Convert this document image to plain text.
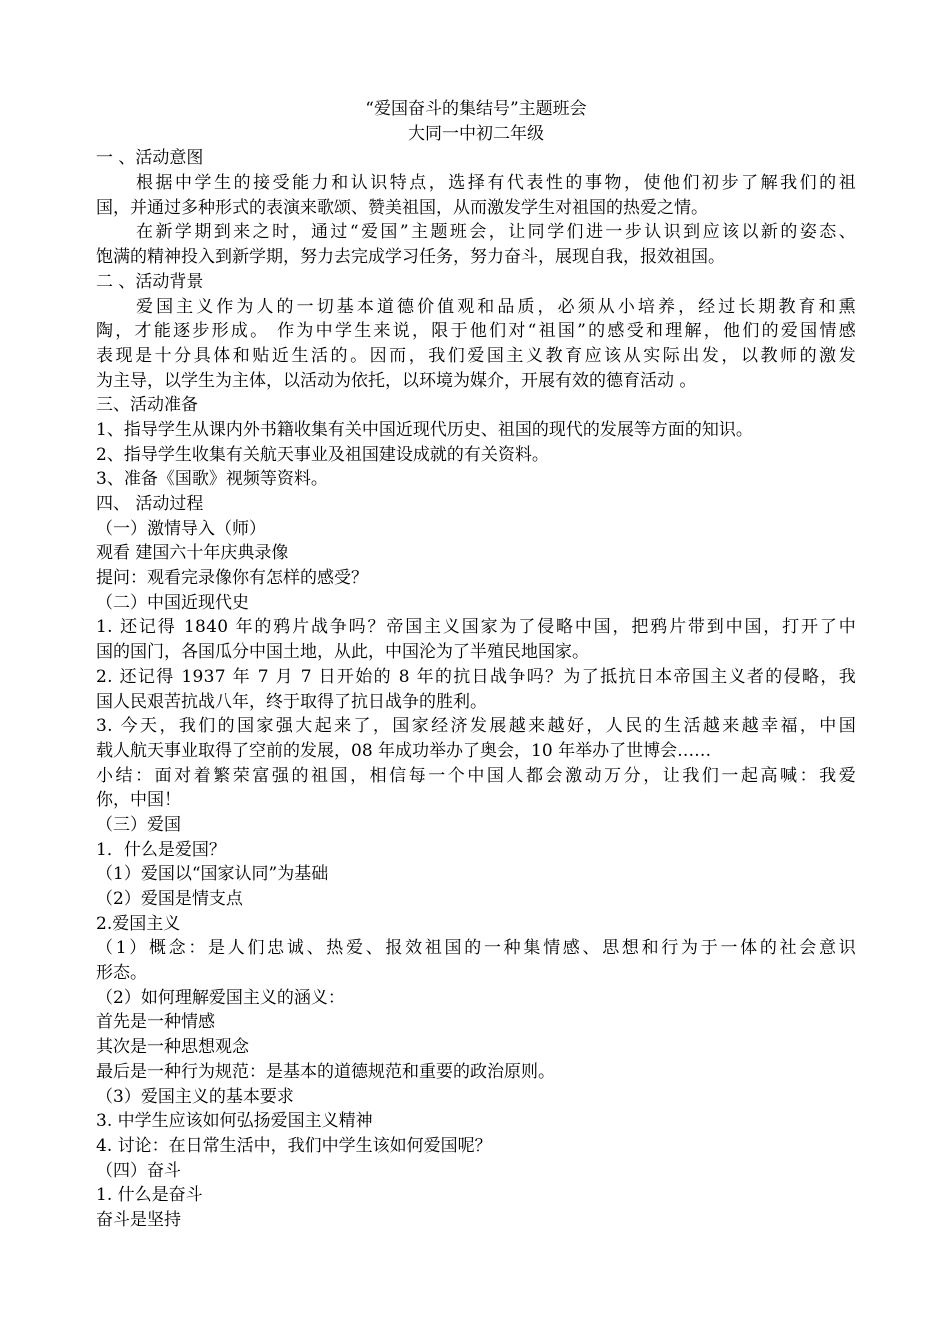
“爱国奋斗的集结号”主题班会
大同一中初二年级
一 、活动意图
根据中学生的接受能力和认识特点，选择有代表性的事物，使他们初步了解我们的祖
国，并通过多种形式的表演来歌颂、赞美祖国，从而激发学生对祖国的热爱之情。
在新学期到来之时，通过“爱国”主题班会，让同学们进一步认识到应该以新的姿态、
饱满的精神投入到新学期，努力去完成学习任务，努力奋斗，展现自我，报效祖国。
二 、活动背景
爱国主义作为人的一切基本道德价值观和品质，必须从小培养，经过长期教育和熏
陶，才能逐步形成。 作为中学生来说，限于他们对“祖国”的感受和理解，他们的爱国情感
表现是十分具体和贴近生活的。因而，我们爱国主义教育应该从实际出发，以教师的激发
为主导，以学生为主体，以活动为依托，以环境为媒介，开展有效的德育活动 。
三、活动准备
1、指导学生从课内外书籍收集有关中国近现代历史、祖国的现代的发展等方面的知识。
2、指导学生收集有关航天事业及祖国建设成就的有关资料。
3、准备《国歌》视频等资料。
四、 活动过程
（一）激情导入（师）
观看 建国六十年庆典录像
提问：观看完录像你有怎样的感受？
（二）中国近现代史
1. 还记得 1840 年的鸦片战争吗？帝国主义国家为了侵略中国，把鸦片带到中国，打开了中
国的国门，各国瓜分中国土地，从此，中国沦为了半殖民地国家。
2. 还记得 1937 年 7 月 7 日开始的 8 年的抗日战争吗？为了抵抗日本帝国主义者的侵略，我
国人民艰苦抗战八年，终于取得了抗日战争的胜利。
3. 今天，我们的国家强大起来了，国家经济发展越来越好，人民的生活越来越幸福，中国
载人航天事业取得了空前的发展，08 年成功举办了奥会，10 年举办了世博会……
小结：面对着繁荣富强的祖国，相信每一个中国人都会激动万分，让我们一起高喊：我爱
你，中国！
（三）爱国
1．什么是爱国？
（1）爱国以“国家认同”为基础
（2）爱国是情支点
2.爱国主义
（1）概念：是人们忠诚、热爱、报效祖国的一种集情感、思想和行为于一体的社会意识
形态。
（2）如何理解爱国主义的涵义：
首先是一种情感
其次是一种思想观念
最后是一种行为规范：是基本的道德规范和重要的政治原则。
（3）爱国主义的基本要求
3. 中学生应该如何弘扬爱国主义精神
4. 讨论：在日常生活中，我们中学生该如何爱国呢？
（四）奋斗
1. 什么是奋斗
奋斗是坚持
